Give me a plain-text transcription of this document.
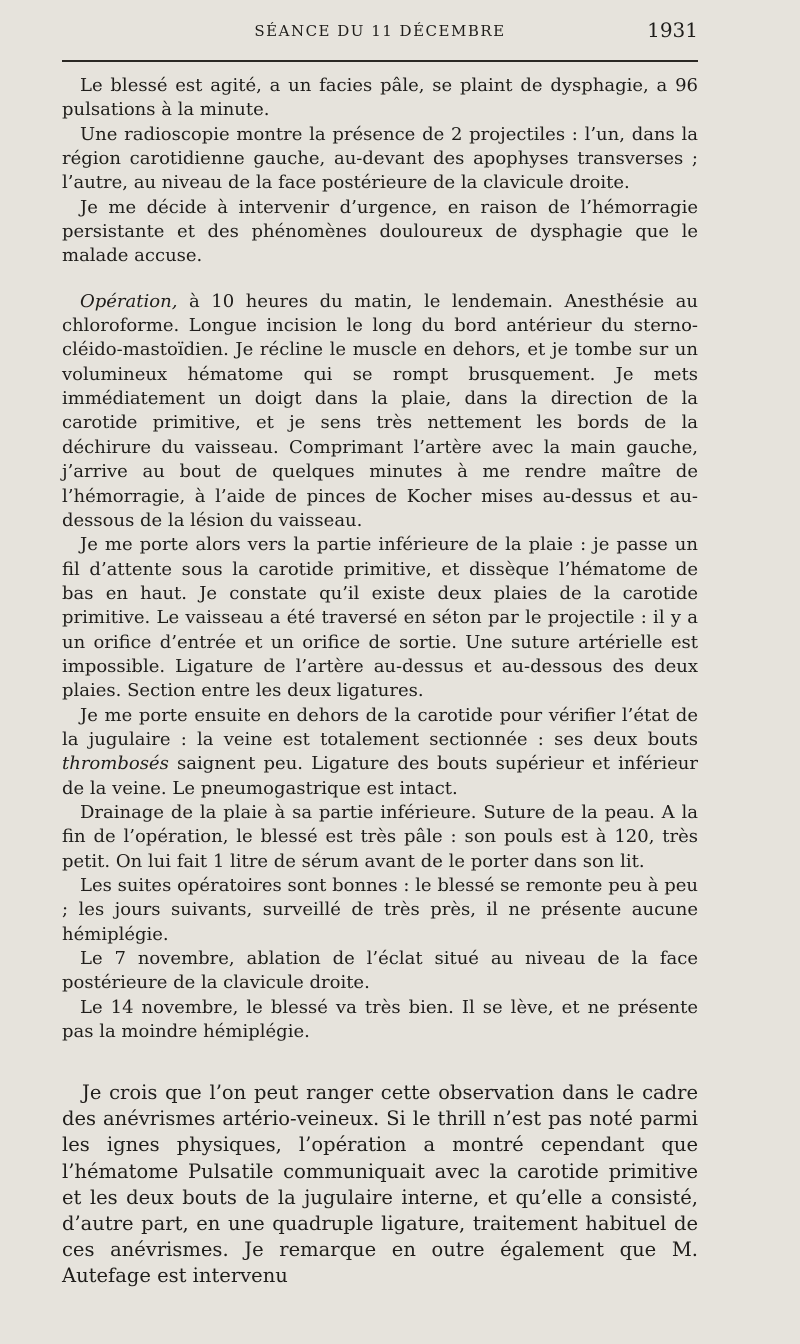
SÉANCE DU 11 DÉCEMBRE	1931

Le blessé est agité, a un facies pâle, se plaint de dysphagie, a 96 pulsations à la minute.

Une radioscopie montre la présence de 2 projectiles : l’un, dans la région carotidienne gauche, au-devant des apophyses transverses ; l’autre, au niveau de la face postérieure de la clavicule droite.

Je me décide à intervenir d’urgence, en raison de l’hémorragie persistante et des phénomènes douloureux de dysphagie que le malade accuse.

Opération, à 10 heures du matin, le lendemain. Anesthésie au chloroforme. Longue incision le long du bord antérieur du sterno-cléido-mastoïdien. Je récline le muscle en dehors, et je tombe sur un volumineux hématome qui se rompt brusquement. Je mets immédiatement un doigt dans la plaie, dans la direction de la carotide primitive, et je sens très nettement les bords de la déchirure du vaisseau. Comprimant l’artère avec la main gauche, j’arrive au bout de quelques minutes à me rendre maître de l’hémorragie, à l’aide de pinces de Kocher mises au-dessus et au-dessous de la lésion du vaisseau.

Je me porte alors vers la partie inférieure de la plaie : je passe un fil d’attente sous la carotide primitive, et dissèque l’hématome de bas en haut. Je constate qu’il existe deux plaies de la carotide primitive. Le vaisseau a été traversé en séton par le projectile : il y a un orifice d’entrée et un orifice de sortie. Une suture artérielle est impossible. Ligature de l’artère au-dessus et au-dessous des deux plaies. Section entre les deux ligatures.

Je me porte ensuite en dehors de la carotide pour vérifier l’état de la jugulaire : la veine est totalement sectionnée : ses deux bouts thrombosés saignent peu. Ligature des bouts supérieur et inférieur de la veine. Le pneumogastrique est intact.

Drainage de la plaie à sa partie inférieure. Suture de la peau. A la fin de l’opération, le blessé est très pâle : son pouls est à 120, très petit. On lui fait 1 litre de sérum avant de le porter dans son lit.

Les suites opératoires sont bonnes : le blessé se remonte peu à peu ; les jours suivants, surveillé de très près, il ne présente aucune hémiplégie.

Le 7 novembre, ablation de l’éclat situé au niveau de la face postérieure de la clavicule droite.

Le 14 novembre, le blessé va très bien. Il se lève, et ne présente pas la moindre hémiplégie.

Je crois que l’on peut ranger cette observation dans le cadre des anévrismes artério-veineux. Si le thrill n’est pas noté parmi les ignes physiques, l’opération a montré cependant que l’hématome Pulsatile communiquait avec la carotide primitive et les deux bouts de la jugulaire interne, et qu’elle a consisté, d’autre part, en une quadruple ligature, traitement habituel de ces anévrismes. Je remarque en outre également que M. Autefage est intervenu
